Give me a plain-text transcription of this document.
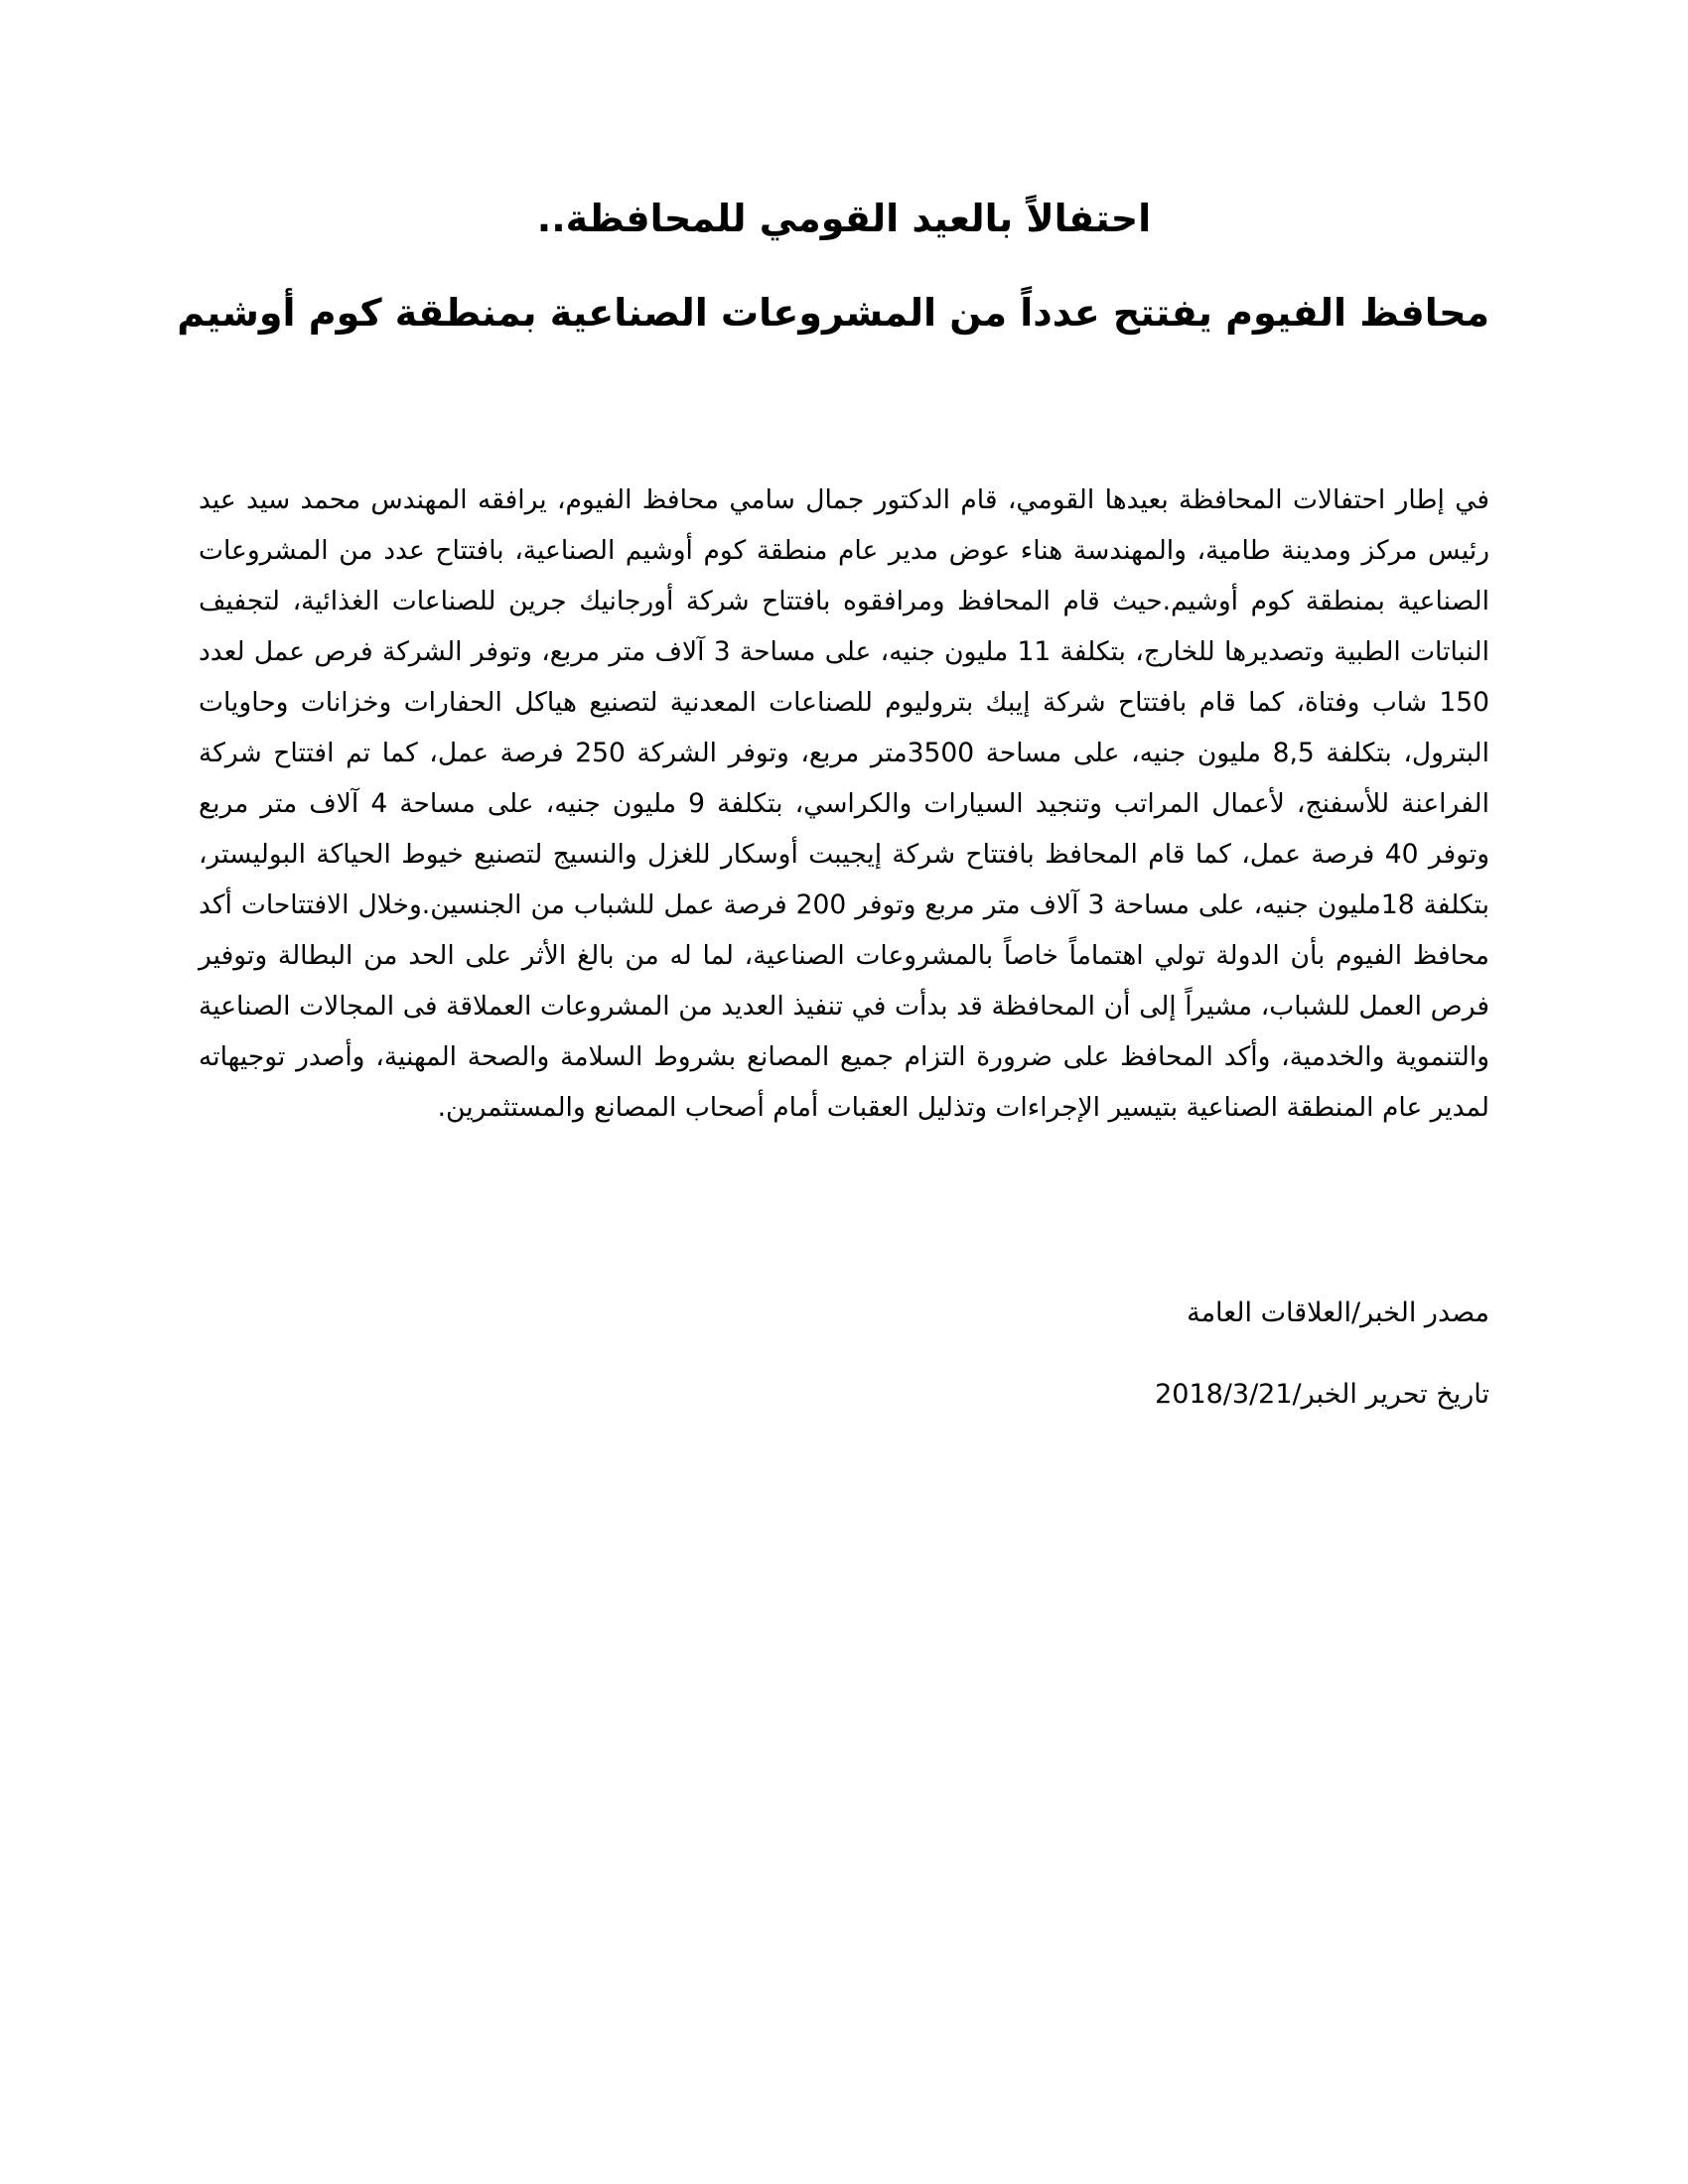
احتفالاً بالعيد القومي للمحافظة..

محافظ الفيوم يفتتح عدداً من المشروعات الصناعية بمنطقة كوم أوشيم

في إطار احتفالات المحافظة بعيدها القومي، قام الدكتور جمال سامي محافظ الفيوم، يرافقه المهندس محمد سيد عيد رئيس مركز ومدينة طامية، والمهندسة هناء عوض مدير عام منطقة كوم أوشيم الصناعية، بافتتاح عدد من المشروعات الصناعية بمنطقة كوم أوشيم.حيث قام المحافظ ومرافقوه بافتتاح شركة أورجانيك جرين للصناعات الغذائية، لتجفيف النباتات الطبية وتصديرها للخارج، بتكلفة 11 مليون جنيه، على مساحة 3 آلاف متر مربع، وتوفر الشركة فرص عمل لعدد 150 شاب وفتاة، كما قام بافتتاح شركة إيبك بتروليوم للصناعات المعدنية لتصنيع هياكل الحفارات وخزانات وحاويات البترول، بتكلفة 8,5 مليون جنيه، على مساحة 3500متر مربع، وتوفر الشركة 250 فرصة عمل، كما تم افتتاح شركة الفراعنة للأسفنج، لأعمال المراتب وتنجيد السيارات والكراسي، بتكلفة 9 مليون جنيه، على مساحة 4 آلاف متر مربع وتوفر 40 فرصة عمل، كما قام المحافظ بافتتاح شركة إيجيبت أوسكار للغزل والنسيج لتصنيع خيوط الحياكة البوليستر، بتكلفة 18مليون جنيه، على مساحة 3 آلاف متر مربع وتوفر 200 فرصة عمل للشباب من الجنسين.وخلال الافتتاحات أكد محافظ الفيوم بأن الدولة تولي اهتماماً خاصاً بالمشروعات الصناعية، لما له من بالغ الأثر على الحد من البطالة وتوفير فرص العمل للشباب، مشيراً إلى أن المحافظة قد بدأت في تنفيذ العديد من المشروعات العملاقة فى المجالات الصناعية والتنموية والخدمية، وأكد المحافظ على ضرورة التزام جميع المصانع بشروط السلامة والصحة المهنية، وأصدر توجيهاته لمدير عام المنطقة الصناعية بتيسير الإجراءات وتذليل العقبات أمام أصحاب المصانع والمستثمرين.

مصدر الخبر/العلاقات العامة

تاريخ تحرير الخبر/2018/3/21
